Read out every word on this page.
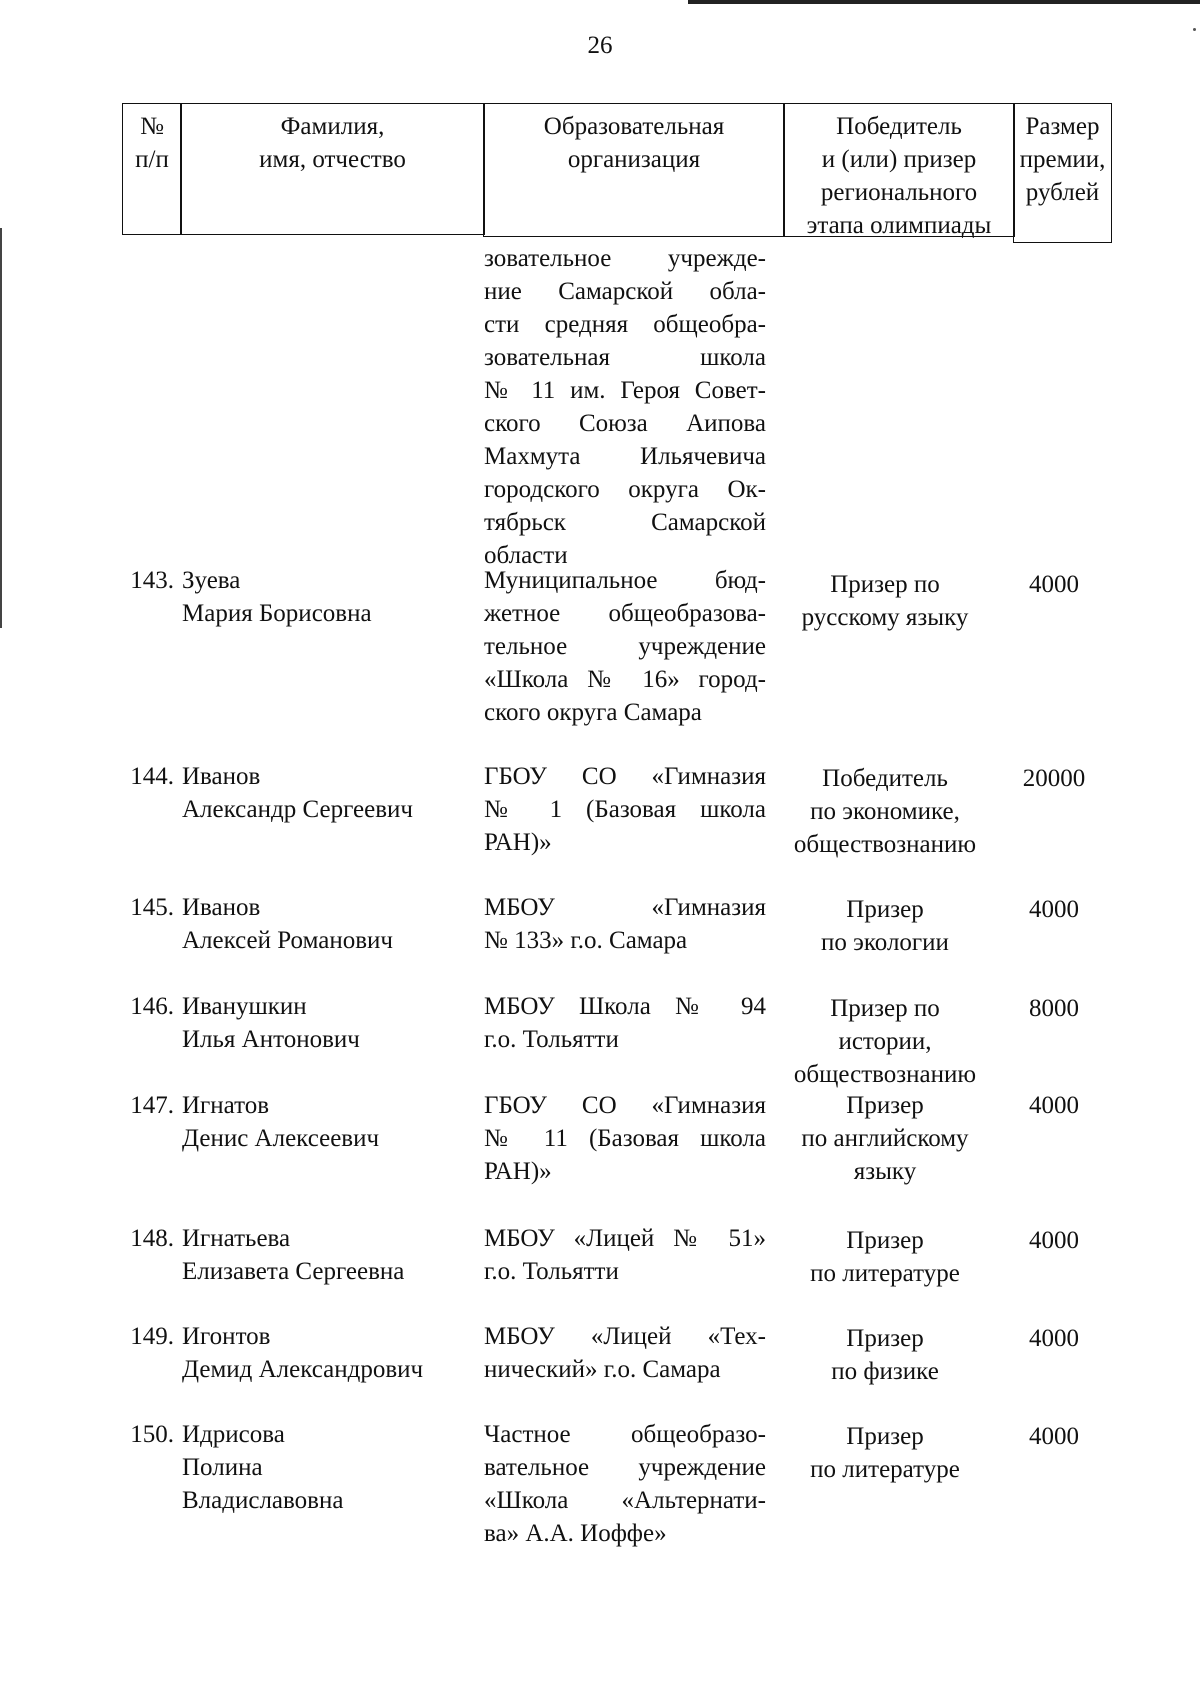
26
№
п/п
Фамилия,
имя, отчество
Образовательная
организация
Победитель
и (или) призер
регионального
этапа олимпиады
Размер
премии,
рублей
зовательное учрежде-
ние Самарской обла-
сти средняя общеобра-
зовательная школа
№ 11 им. Героя Совет-
ского Союза Аипова
Махмута Ильячевича
городского округа Ок-
тябрьск Самарской
области
143. Зуева
Мария Борисовна
Муниципальное бюд-
жетное общеобразова-
тельное учреждение
«Школа № 16» город-
ского округа Самара
Призер по
русскому языку
4000
144. Иванов
Александр Сергеевич
ГБОУ СО «Гимназия
№ 1 (Базовая школа
РАН)»
Победитель
по экономике,
обществознанию
20000
145. Иванов
Алексей Романович
МБОУ «Гимназия
№ 133» г.о. Самара
Призер
по экологии
4000
146. Иванушкин
Илья Антонович
МБОУ Школа № 94
г.о. Тольятти
Призер по
истории,
обществознанию
8000
147. Игнатов
Денис Алексеевич
ГБОУ СО «Гимназия
№ 11 (Базовая школа
РАН)»
Призер
по английскому
языку
4000
148. Игнатьева
Елизавета Сергеевна
МБОУ «Лицей № 51»
г.о. Тольятти
Призер
по литературе
4000
149. Игонтов
Демид Александрович
МБОУ «Лицей «Тех-
нический» г.о. Самара
Призер
по физике
4000
150. Идрисова
Полина
Владиславовна
Частное общеобразо-
вательное учреждение
«Школа «Альтернати-
ва» А.А. Иоффе»
Призер
по литературе
4000
